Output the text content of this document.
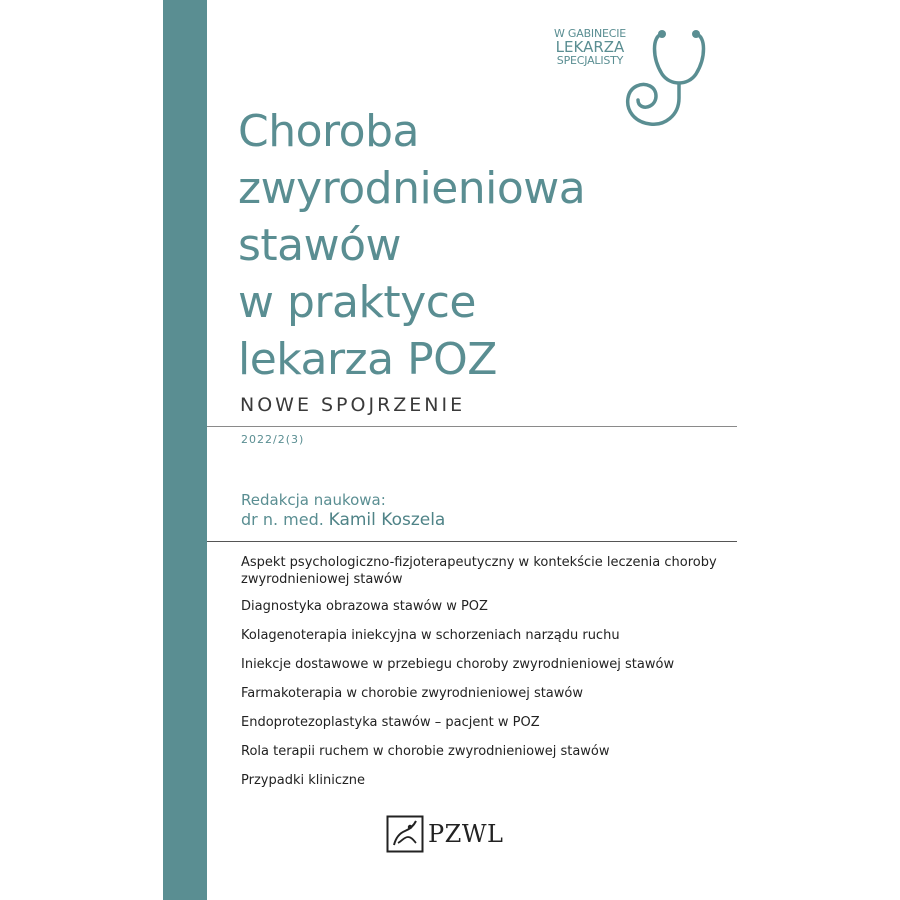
W GABINECIE
LEKARZA
SPECJALISTY
Choroba
zwyrodnieniowa
stawów
w praktyce
lekarza POZ
NOWE SPOJRZENIE
2022/2(3)
Redakcja naukowa:
dr n. med. Kamil Koszela
Aspekt psychologiczno-fizjoterapeutyczny w kontekście leczenia choroby zwyrodnieniowej stawów
Diagnostyka obrazowa stawów w POZ
Kolagenoterapia iniekcyjna w schorzeniach narządu ruchu
Iniekcje dostawowe w przebiegu choroby zwyrodnieniowej stawów
Farmakoterapia w chorobie zwyrodnieniowej stawów
Endoprotezoplastyka stawów – pacjent w POZ
Rola terapii ruchem w chorobie zwyrodnieniowej stawów
Przypadki kliniczne
PZWL
